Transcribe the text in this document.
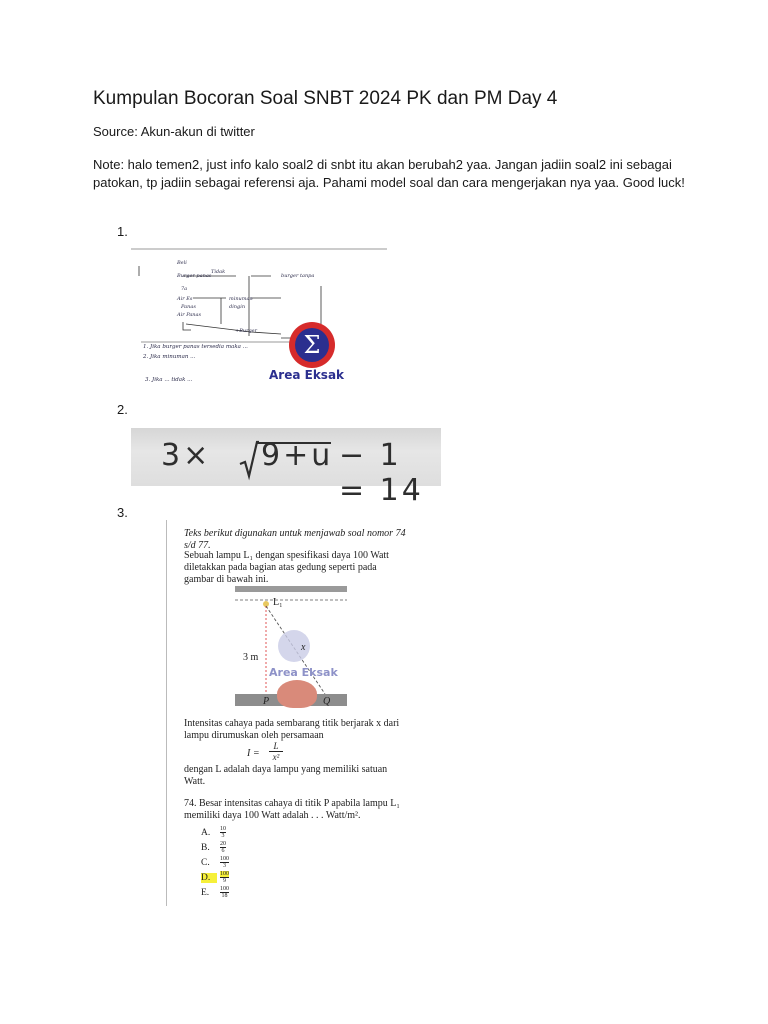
Kumpulan Bocoran Soal SNBT 2024 PK dan PM Day 4
Source: Akun-akun di twitter
Note: halo temen2, just info kalo soal2 di snbt itu akan berubah2 yaa. Jangan jadiin soal2 ini sebagai patokan, tp jadiin sebagai referensi aja. Pahami model soal dan cara mengerjakan nya yaa. Good luck!
1.
2.
3.
Beli
Burger panas
Tidak
burger tanpa
7a
Air Es	minuman
Panas
Air Panas
dingin
+Burger
1. Jika burger panas tersedia maka ...
2. Jika minuman ...
3. Jika ... tidak ...
Σ
Area Eksak
3× 9+u − 1 = 14
Teks berikut digunakan untuk menjawab soal nomor 74 s/d 77.
Sebuah lampu L₁ dengan spesifikasi daya 100 Watt diletakkan pada bagian atas gedung seperti pada gambar di bawah ini.
L₁
3 m
x
P	Q
Area Eksak
Intensitas cahaya pada sembarang titik berjarak x dari lampu dirumuskan oleh persamaan
I =
L
x²
dengan L adalah daya lampu yang memiliki satuan Watt.
74. Besar intensitas cahaya di titik P apabila lampu L₁ memiliki daya 100 Watt adalah . . . Watt/m².
A. $\frac{10}{3}$
B. $\frac{20}{6}$
C. $\frac{100}{3}$
D. $\frac{100}{9}$
E. $\frac{100}{18}$
